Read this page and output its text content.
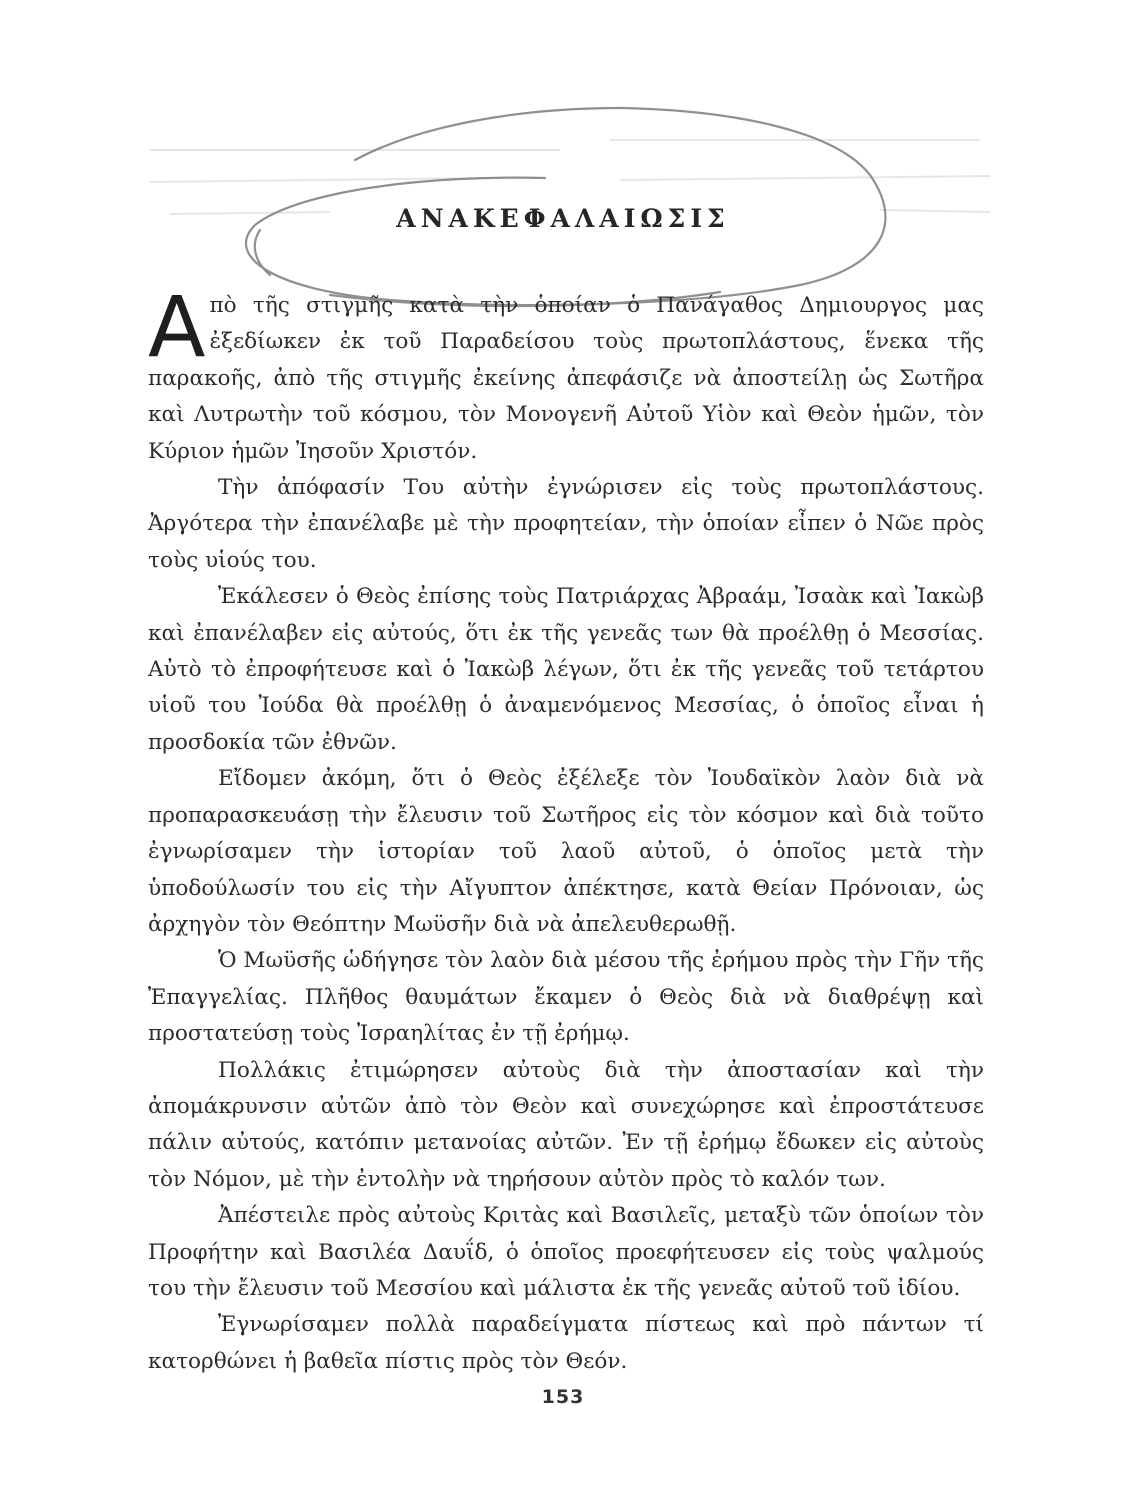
ΑΝΑΚΕΦΑΛΑΙΩΣΙΣ

Απὸ τῆς στιγμῆς κατὰ τὴν ὁποίαν ὁ Πανάγαθος Δημιουργος μας ἐξεδίωκεν ἐκ τοῦ Παραδείσου τοὺς πρωτοπλάστους, ἕνεκα τῆς παρακοῆς, ἀπὸ τῆς στιγμῆς ἐκείνης ἀπεφάσιζε νὰ ἀποστείλῃ ὡς Σωτῆρα καὶ Λυτρωτὴν τοῦ κόσμου, τὸν Μονογενῆ Αὐτοῦ Υἱὸν καὶ Θεὸν ἡμῶν, τὸν Κύριον ἡμῶν Ἰησοῦν Χριστόν.

Τὴν ἀπόφασίν Του αὐτὴν ἐγνώρισεν εἰς τοὺς πρωτοπλάστους. Ἀργότερα τὴν ἐπανέλαβε μὲ τὴν προφητείαν, τὴν ὁποίαν εἶπεν ὁ Νῶε πρὸς τοὺς υἱούς του.

Ἐκάλεσεν ὁ Θεὸς ἐπίσης τοὺς Πατριάρχας Ἀβραάμ, Ἰσαὰκ καὶ Ἰακὼβ καὶ ἐπανέλαβεν εἰς αὐτούς, ὅτι ἐκ τῆς γενεᾶς των θὰ προέλθῃ ὁ Μεσσίας. Αὐτὸ τὸ ἐπροφήτευσε καὶ ὁ Ἰακὼβ λέγων, ὅτι ἐκ τῆς γενεᾶς τοῦ τετάρτου υἱοῦ του Ἰούδα θὰ προέλθῃ ὁ ἀναμενόμενος Μεσσίας, ὁ ὁποῖος εἶναι ἡ προσδοκία τῶν ἐθνῶν.

Εἴδομεν ἀκόμη, ὅτι ὁ Θεὸς ἐξέλεξε τὸν Ἰουδαϊκὸν λαὸν διὰ νὰ προπαρασκευάσῃ τὴν ἔλευσιν τοῦ Σωτῆρος εἰς τὸν κόσμον καὶ διὰ τοῦτο ἐγνωρίσαμεν τὴν ἱστορίαν τοῦ λαοῦ αὐτοῦ, ὁ ὁποῖος μετὰ τὴν ὑποδούλωσίν του εἰς τὴν Αἴγυπτον ἀπέκτησε, κατὰ Θείαν Πρόνοιαν, ὡς ἀρχηγὸν τὸν Θεόπτην Μωϋσῆν διὰ νὰ ἀπελευθερωθῇ.

Ὁ Μωϋσῆς ὡδήγησε τὸν λαὸν διὰ μέσου τῆς ἐρήμου πρὸς τὴν Γῆν τῆς Ἐπαγγελίας. Πλῆθος θαυμάτων ἔκαμεν ὁ Θεὸς διὰ νὰ διαθρέψῃ καὶ προστατεύσῃ τοὺς Ἰσραηλίτας ἐν τῇ ἐρήμῳ.

Πολλάκις ἐτιμώρησεν αὐτοὺς διὰ τὴν ἀποστασίαν καὶ τὴν ἀπομάκρυνσιν αὐτῶν ἀπὸ τὸν Θεὸν καὶ συνεχώρησε καὶ ἐπροστάτευσε πάλιν αὐτούς, κατόπιν μετανοίας αὐτῶν. Ἐν τῇ ἐρήμῳ ἔδωκεν εἰς αὐτοὺς τὸν Νόμον, μὲ τὴν ἐντολὴν νὰ τηρήσουν αὐτὸν πρὸς τὸ καλόν των.

Ἀπέστειλε πρὸς αὐτοὺς Κριτὰς καὶ Βασιλεῖς, μεταξὺ τῶν ὁποίων τὸν Προφήτην καὶ Βασιλέα Δαυΐδ, ὁ ὁποῖος προεφήτευσεν εἰς τοὺς ψαλμούς του τὴν ἔλευσιν τοῦ Μεσσίου καὶ μάλιστα ἐκ τῆς γενεᾶς αὐτοῦ τοῦ ἰδίου.

Ἐγνωρίσαμεν πολλὰ παραδείγματα πίστεως καὶ πρὸ πάντων τί κατορθώνει ἡ βαθεῖα πίστις πρὸς τὸν Θεόν.

153
